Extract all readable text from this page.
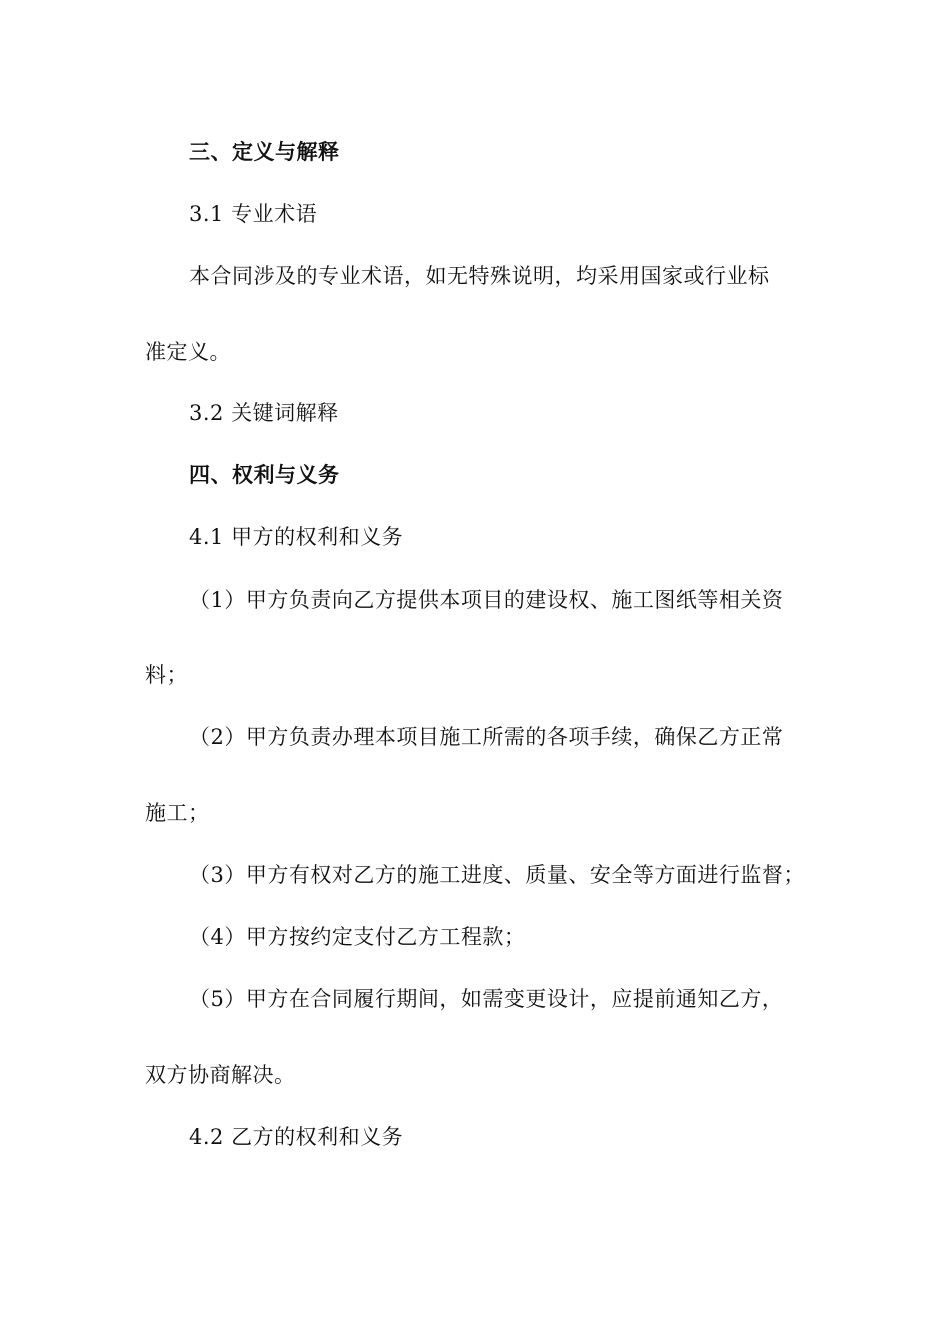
三、定义与解释
3.1 专业术语
本合同涉及的专业术语，如无特殊说明，均采用国家或行业标
准定义。
3.2 关键词解释
四、权利与义务
4.1 甲方的权利和义务
（1）甲方负责向乙方提供本项目的建设权、施工图纸等相关资
料；
（2）甲方负责办理本项目施工所需的各项手续，确保乙方正常
施工；
（3）甲方有权对乙方的施工进度、质量、安全等方面进行监督；
（4）甲方按约定支付乙方工程款；
（5）甲方在合同履行期间，如需变更设计，应提前通知乙方，
双方协商解决。
4.2 乙方的权利和义务
